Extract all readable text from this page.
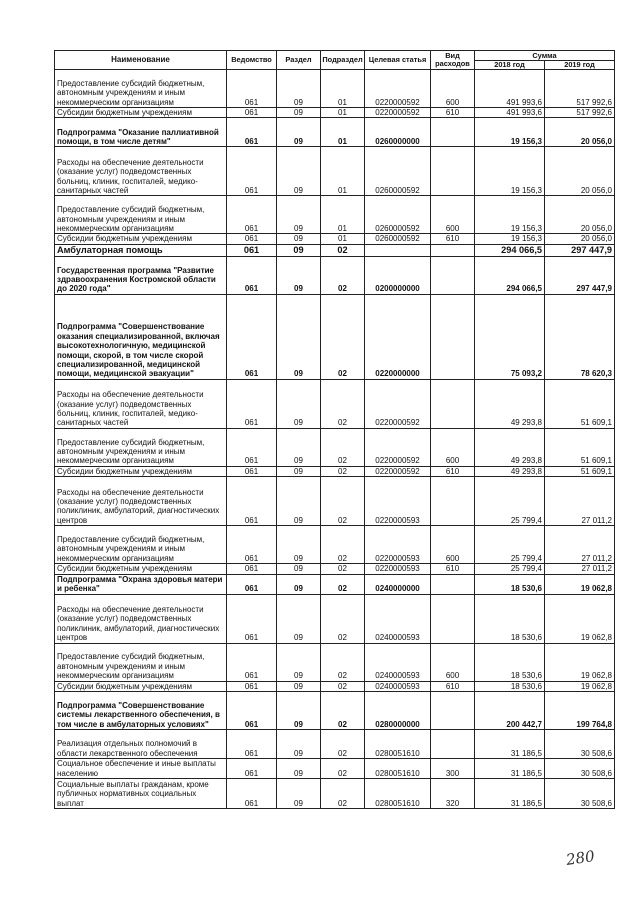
Наименование	Ведомство	Раздел	Подраздел	Целевая статья	Вид расходов	Сумма	
						2018 год	2019 год
Предоставление субсидий бюджетным, автономным учреждениям и иным некоммерческим организациям	061	09	01	0220000592	600	491 993,6	517 992,6
Субсидии бюджетным учреждениям	061	09	01	0220000592	610	491 993,6	517 992,6
Подпрограмма "Оказание паллиативной помощи, в том числе детям"	061	09	01	0260000000		19 156,3	20 056,0
Расходы на обеспечение деятельности (оказание услуг) подведомственных больниц, клиник, госпиталей, медико-санитарных частей	061	09	01	0260000592		19 156,3	20 056,0
Предоставление субсидий бюджетным, автономным учреждениям и иным некоммерческим организациям	061	09	01	0260000592	600	19 156,3	20 056,0
Субсидии бюджетным учреждениям	061	09	01	0260000592	610	19 156,3	20 056,0
Амбулаторная помощь	061	09	02			294 066,5	297 447,9
Государственная программа "Развитие здравоохранения Костромской области до 2020 года"	061	09	02	0200000000		294 066,5	297 447,9
Подпрограмма "Совершенствование оказания специализированной, включая высокотехнологичную, медицинской помощи, скорой, в том числе скорой специализированной, медицинской помощи, медицинской эвакуации"	061	09	02	0220000000		75 093,2	78 620,3
Расходы на обеспечение деятельности (оказание услуг) подведомственных больниц, клиник, госпиталей, медико-санитарных частей	061	09	02	0220000592		49 293,8	51 609,1
Предоставление субсидий бюджетным, автономным учреждениям и иным некоммерческим организациям	061	09	02	0220000592	600	49 293,8	51 609,1
Субсидии бюджетным учреждениям	061	09	02	0220000592	610	49 293,8	51 609,1
Расходы на обеспечение деятельности (оказание услуг) подведомственных поликлиник, амбулаторий, диагностических центров	061	09	02	0220000593		25 799,4	27 011,2
Предоставление субсидий бюджетным, автономным учреждениям и иным некоммерческим организациям	061	09	02	0220000593	600	25 799,4	27 011,2
Субсидии бюджетным учреждениям	061	09	02	0220000593	610	25 799,4	27 011,2
Подпрограмма "Охрана здоровья матери и ребенка"	061	09	02	0240000000		18 530,6	19 062,8
Расходы на обеспечение деятельности (оказание услуг) подведомственных поликлиник, амбулаторий, диагностических центров	061	09	02	0240000593		18 530,6	19 062,8
Предоставление субсидий бюджетным, автономным учреждениям и иным некоммерческим организациям	061	09	02	0240000593	600	18 530,6	19 062,8
Субсидии бюджетным учреждениям	061	09	02	0240000593	610	18 530,6	19 062,8
Подпрограмма "Совершенствование системы лекарственного обеспечения, в том числе в амбулаторных условиях"	061	09	02	0280000000		200 442,7	199 764,8
Реализация отдельных полномочий в области лекарственного обеспечения	061	09	02	0280051610		31 186,5	30 508,6
Социальное обеспечение и иные выплаты населению	061	09	02	0280051610	300	31 186,5	30 508,6
Социальные выплаты гражданам, кроме публичных нормативных социальных выплат	061	09	02	0280051610	320	31 186,5	30 508,6
280
